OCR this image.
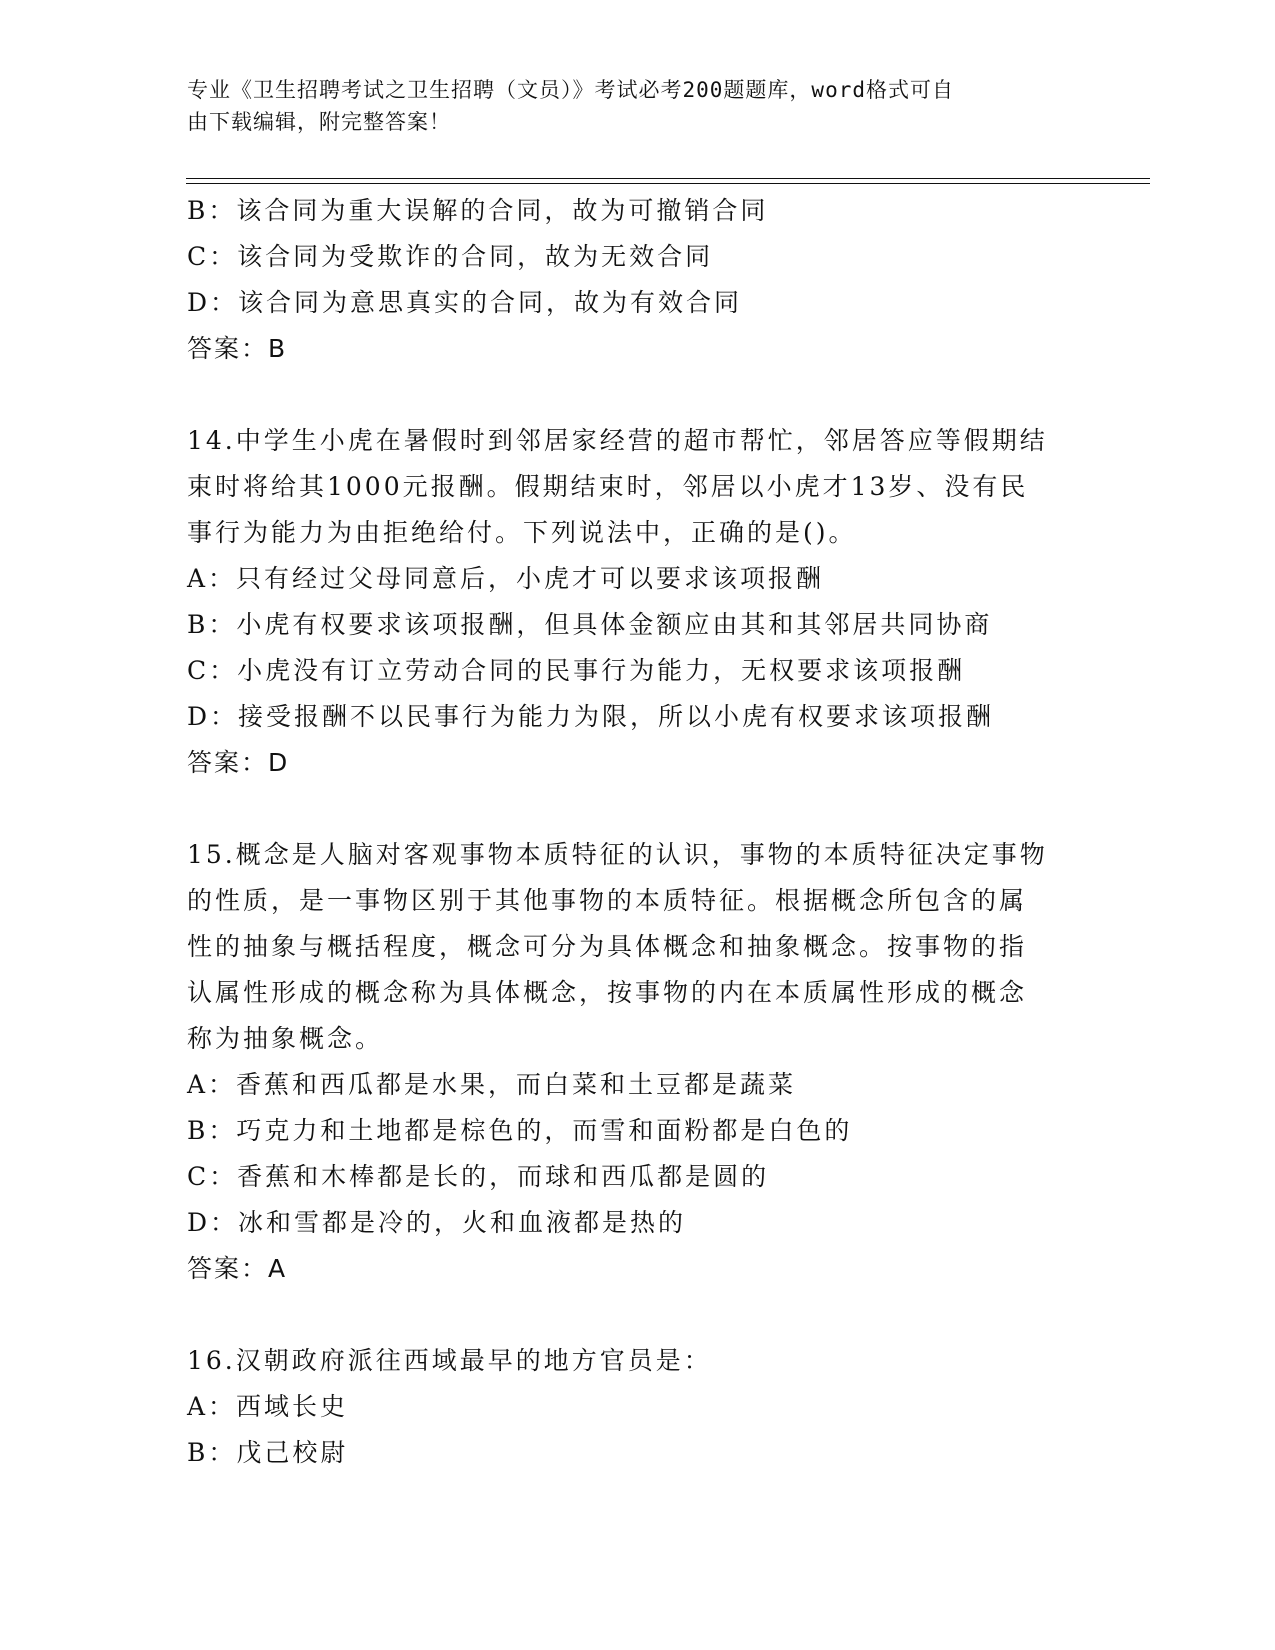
专业《卫生招聘考试之卫生招聘（文员）》考试必考200题题库，word格式可自
由下载编辑，附完整答案！
B：该合同为重大误解的合同，故为可撤销合同
C：该合同为受欺诈的合同，故为无效合同
D：该合同为意思真实的合同，故为有效合同
答案：B
14.中学生小虎在暑假时到邻居家经营的超市帮忙，邻居答应等假期结
束时将给其1000元报酬。假期结束时，邻居以小虎才13岁、没有民
事行为能力为由拒绝给付。下列说法中，正确的是()。
A：只有经过父母同意后，小虎才可以要求该项报酬
B：小虎有权要求该项报酬，但具体金额应由其和其邻居共同协商
C：小虎没有订立劳动合同的民事行为能力，无权要求该项报酬
D：接受报酬不以民事行为能力为限，所以小虎有权要求该项报酬
答案：D
15.概念是人脑对客观事物本质特征的认识，事物的本质特征决定事物
的性质，是一事物区别于其他事物的本质特征。根据概念所包含的属
性的抽象与概括程度，概念可分为具体概念和抽象概念。按事物的指
认属性形成的概念称为具体概念，按事物的内在本质属性形成的概念
称为抽象概念。
A：香蕉和西瓜都是水果，而白菜和土豆都是蔬菜
B：巧克力和土地都是棕色的，而雪和面粉都是白色的
C：香蕉和木棒都是长的，而球和西瓜都是圆的
D：冰和雪都是冷的，火和血液都是热的
答案：A
16.汉朝政府派往西域最早的地方官员是：
A：西域长史
B：戊己校尉
